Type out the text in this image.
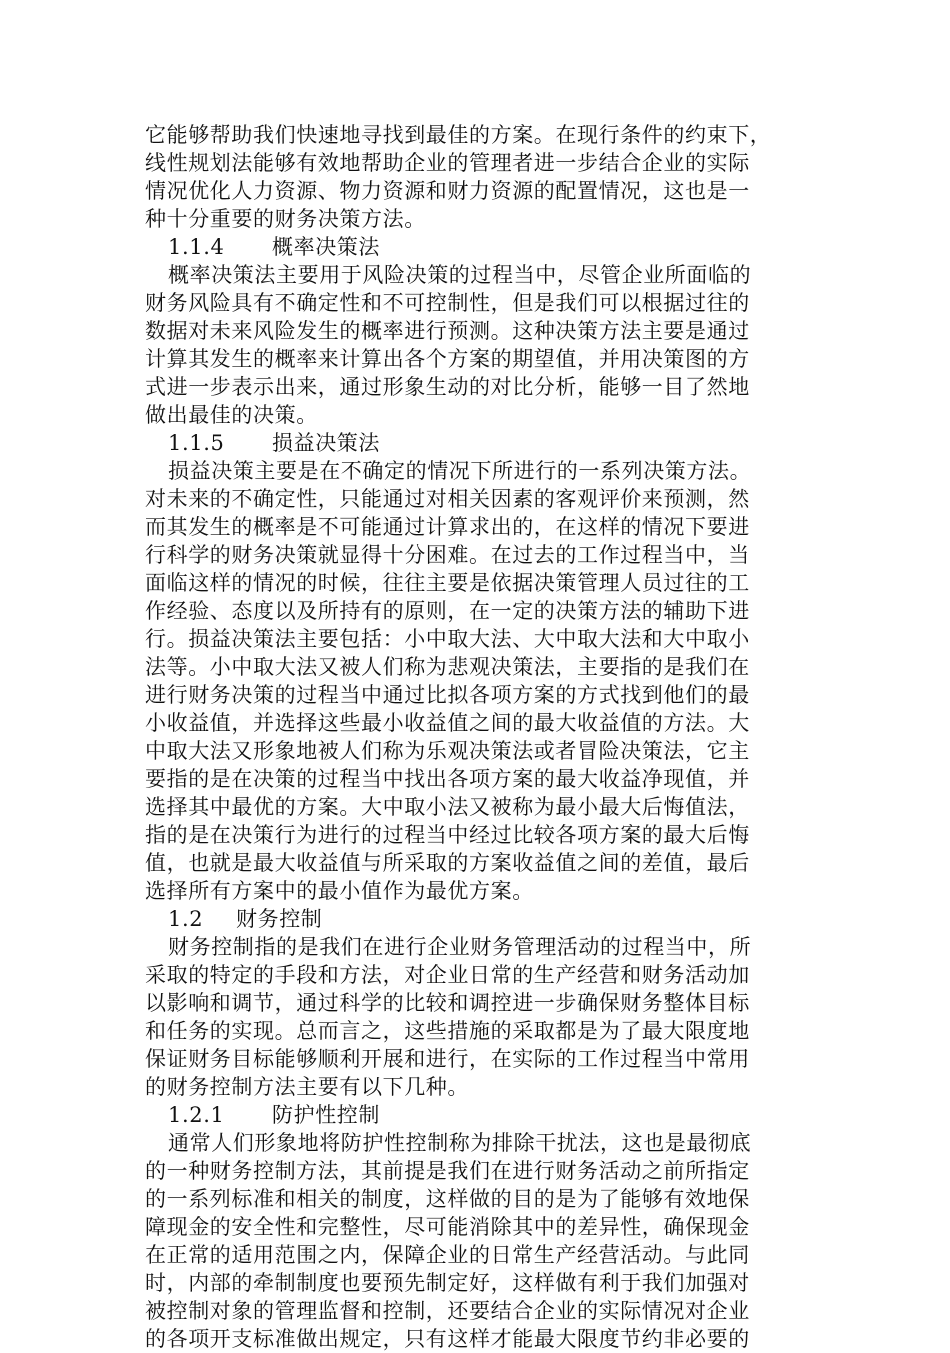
它能够帮助我们快速地寻找到最佳的方案。在现行条件的约束下，
线性规划法能够有效地帮助企业的管理者进一步结合企业的实际
情况优化人力资源、物力资源和财力资源的配置情况，这也是一
种十分重要的财务决策方法。
1.1.4 概率决策法
概率决策法主要用于风险决策的过程当中，尽管企业所面临的
财务风险具有不确定性和不可控制性，但是我们可以根据过往的
数据对未来风险发生的概率进行预测。这种决策方法主要是通过
计算其发生的概率来计算出各个方案的期望值，并用决策图的方
式进一步表示出来，通过形象生动的对比分析，能够一目了然地
做出最佳的决策。
1.1.5 损益决策法
损益决策主要是在不确定的情况下所进行的一系列决策方法。
对未来的不确定性，只能通过对相关因素的客观评价来预测，然
而其发生的概率是不可能通过计算求出的，在这样的情况下要进
行科学的财务决策就显得十分困难。在过去的工作过程当中，当
面临这样的情况的时候，往往主要是依据决策管理人员过往的工
作经验、态度以及所持有的原则，在一定的决策方法的辅助下进
行。损益决策法主要包括：小中取大法、大中取大法和大中取小
法等。小中取大法又被人们称为悲观决策法，主要指的是我们在
进行财务决策的过程当中通过比拟各项方案的方式找到他们的最
小收益值，并选择这些最小收益值之间的最大收益值的方法。大
中取大法又形象地被人们称为乐观决策法或者冒险决策法，它主
要指的是在决策的过程当中找出各项方案的最大收益净现值，并
选择其中最优的方案。大中取小法又被称为最小最大后悔值法，
指的是在决策行为进行的过程当中经过比较各项方案的最大后悔
值，也就是最大收益值与所采取的方案收益值之间的差值，最后
选择所有方案中的最小值作为最优方案。
1.2 财务控制
财务控制指的是我们在进行企业财务管理活动的过程当中，所
采取的特定的手段和方法，对企业日常的生产经营和财务活动加
以影响和调节，通过科学的比较和调控进一步确保财务整体目标
和任务的实现。总而言之，这些措施的采取都是为了最大限度地
保证财务目标能够顺利开展和进行，在实际的工作过程当中常用
的财务控制方法主要有以下几种。
1.2.1 防护性控制
通常人们形象地将防护性控制称为排除干扰法，这也是最彻底
的一种财务控制方法，其前提是我们在进行财务活动之前所指定
的一系列标准和相关的制度，这样做的目的是为了能够有效地保
障现金的安全性和完整性，尽可能消除其中的差异性，确保现金
在正常的适用范围之内，保障企业的日常生产经营活动。与此同
时，内部的牵制制度也要预先制定好，这样做有利于我们加强对
被控制对象的管理监督和控制，还要结合企业的实际情况对企业
的各项开支标准做出规定，只有这样才能最大限度节约非必要的
